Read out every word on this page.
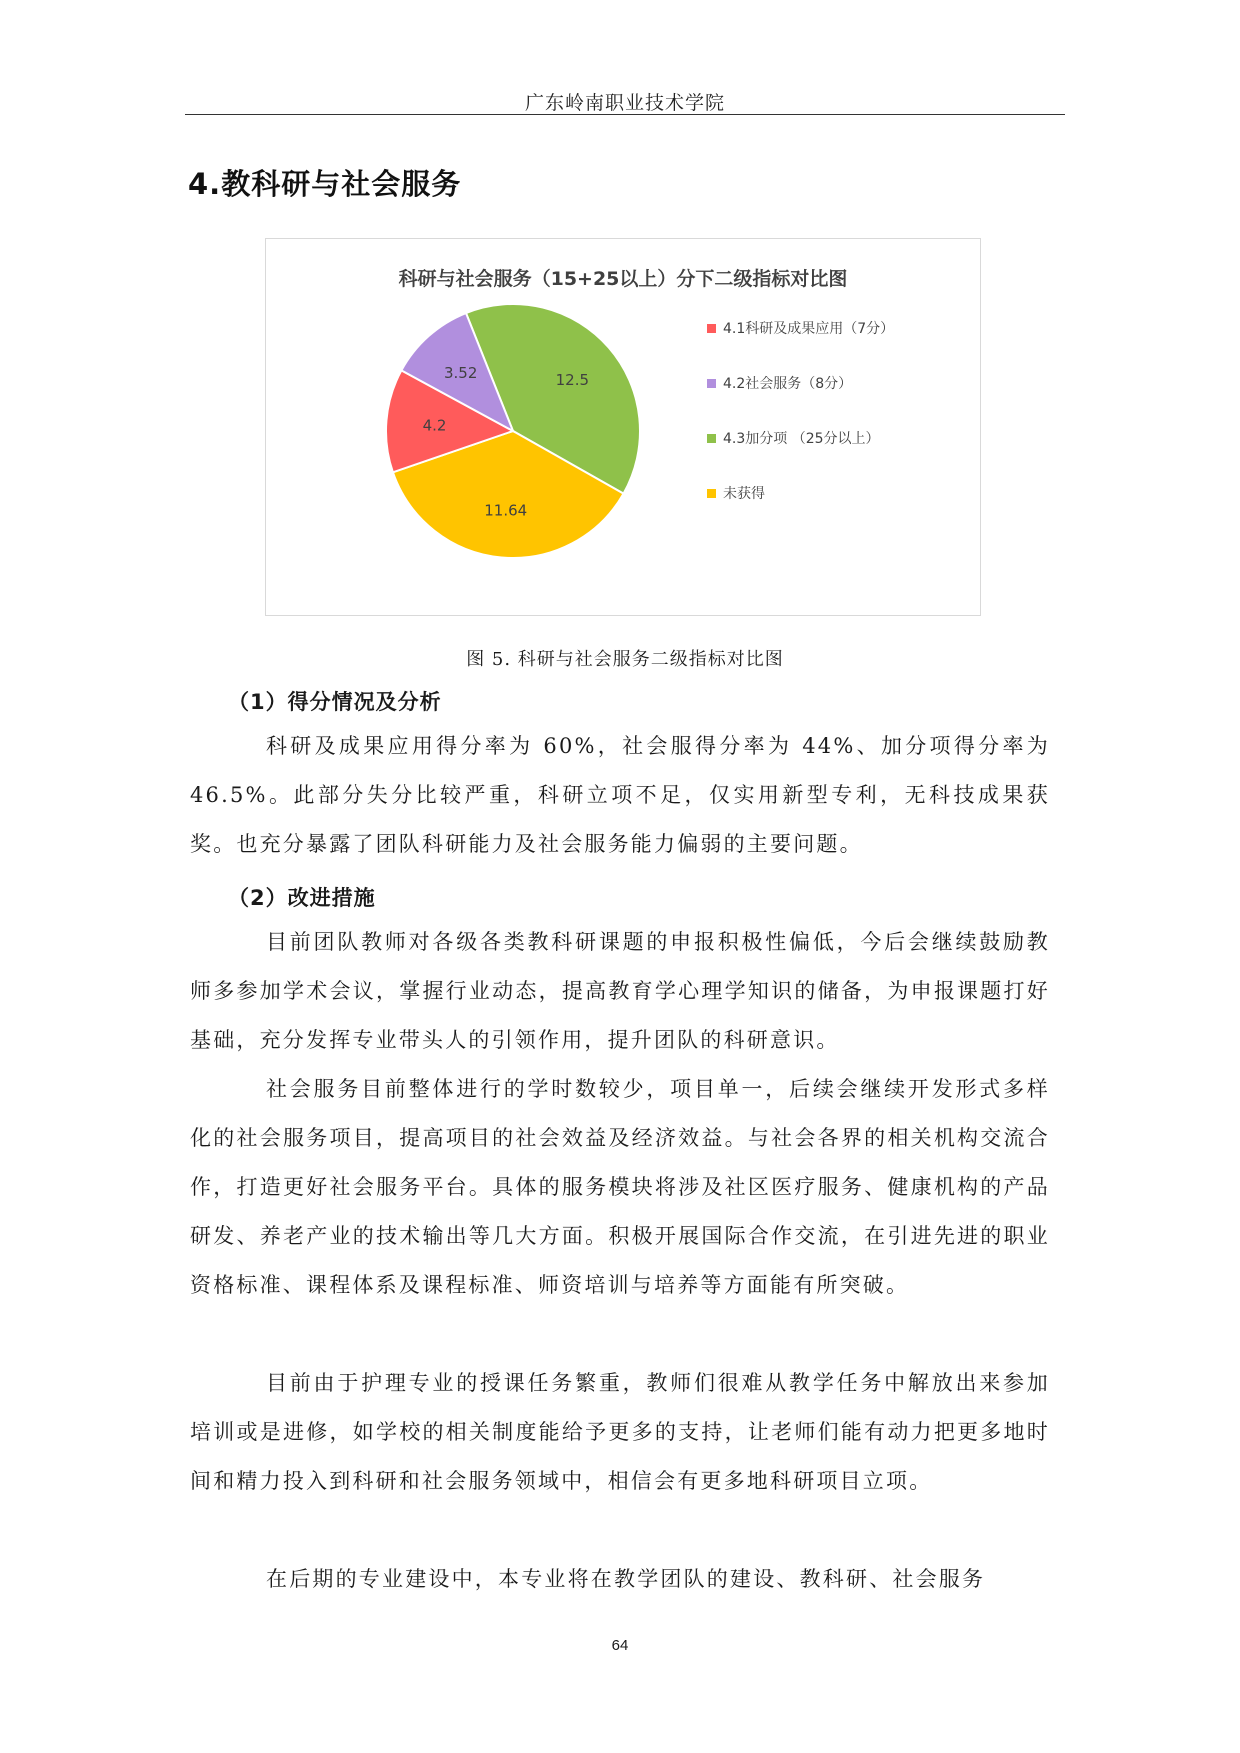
广东岭南职业技术学院
4.教科研与社会服务
科研与社会服务（15+25以上）分下二级指标对比图
12.5
11.64
4.2
3.52
4.1科研及成果应用（7分）
4.2社会服务（8分）
4.3加分项 （25分以上）
未获得
图 5. 科研与社会服务二级指标对比图
（1）得分情况及分析

科研及成果应用得分率为 60%，社会服得分率为 44%、加分项得分率为 46.5%。此部分失分比较严重，科研立项不足，仅实用新型专利，无科技成果获奖。也充分暴露了团队科研能力及社会服务能力偏弱的主要问题。

（2）改进措施

目前团队教师对各级各类教科研课题的申报积极性偏低，今后会继续鼓励教师多参加学术会议，掌握行业动态，提高教育学心理学知识的储备，为申报课题打好基础，充分发挥专业带头人的引领作用，提升团队的科研意识。

社会服务目前整体进行的学时数较少，项目单一，后续会继续开发形式多样化的社会服务项目，提高项目的社会效益及经济效益。与社会各界的相关机构交流合作，打造更好社会服务平台。具体的服务模块将涉及社区医疗服务、健康机构的产品研发、养老产业的技术输出等几大方面。积极开展国际合作交流，在引进先进的职业资格标准、课程体系及课程标准、师资培训与培养等方面能有所突破。

目前由于护理专业的授课任务繁重，教师们很难从教学任务中解放出来参加培训或是进修，如学校的相关制度能给予更多的支持，让老师们能有动力把更多地时间和精力投入到科研和社会服务领域中，相信会有更多地科研项目立项。

在后期的专业建设中，本专业将在教学团队的建设、教科研、社会服务

64
